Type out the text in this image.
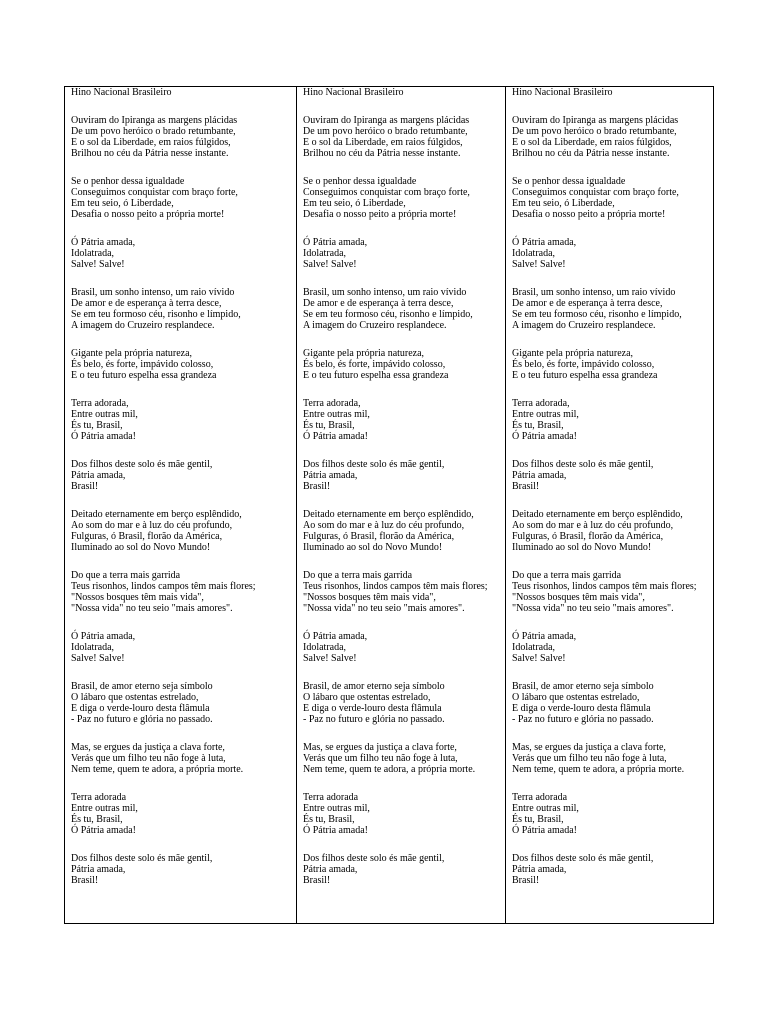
Hino Nacional Brasileiro
Ouviram do Ipiranga as margens plácidas
De um povo heróico o brado retumbante,
E o sol da Liberdade, em raios fúlgidos,
Brilhou no céu da Pátria nesse instante.
Se o penhor dessa igualdade
Conseguimos conquistar com braço forte,
Em teu seio, ó Liberdade,
Desafia o nosso peito a própria morte!
Ó Pátria amada,
Idolatrada,
Salve! Salve!
Brasil, um sonho intenso, um raio vívido
De amor e de esperança à terra desce,
Se em teu formoso céu, risonho e límpido,
A imagem do Cruzeiro resplandece.
Gigante pela própria natureza,
És belo, és forte, impávido colosso,
E o teu futuro espelha essa grandeza
Terra adorada,
Entre outras mil,
És tu, Brasil,
Ó Pátria amada!
Dos filhos deste solo és mãe gentil,
Pátria amada,
Brasil!
Deitado eternamente em berço esplêndido,
Ao som do mar e à luz do céu profundo,
Fulguras, ó Brasil, florão da América,
Iluminado ao sol do Novo Mundo!
Do que a terra mais garrida
Teus risonhos, lindos campos têm mais flores;
"Nossos bosques têm mais vida",
"Nossa vida" no teu seio "mais amores".
Ó Pátria amada,
Idolatrada,
Salve! Salve!
Brasil, de amor eterno seja símbolo
O lábaro que ostentas estrelado,
E diga o verde-louro desta flâmula
- Paz no futuro e glória no passado.
Mas, se ergues da justiça a clava forte,
Verás que um filho teu não foge à luta,
Nem teme, quem te adora, a própria morte.
Terra adorada
Entre outras mil,
És tu, Brasil,
Ó Pátria amada!
Dos filhos deste solo és mãe gentil,
Pátria amada,
Brasil!
Hino Nacional Brasileiro
Ouviram do Ipiranga as margens plácidas
De um povo heróico o brado retumbante,
E o sol da Liberdade, em raios fúlgidos,
Brilhou no céu da Pátria nesse instante.
Se o penhor dessa igualdade
Conseguimos conquistar com braço forte,
Em teu seio, ó Liberdade,
Desafia o nosso peito a própria morte!
Ó Pátria amada,
Idolatrada,
Salve! Salve!
Brasil, um sonho intenso, um raio vívido
De amor e de esperança à terra desce,
Se em teu formoso céu, risonho e límpido,
A imagem do Cruzeiro resplandece.
Gigante pela própria natureza,
És belo, és forte, impávido colosso,
E o teu futuro espelha essa grandeza
Terra adorada,
Entre outras mil,
És tu, Brasil,
Ó Pátria amada!
Dos filhos deste solo és mãe gentil,
Pátria amada,
Brasil!
Deitado eternamente em berço esplêndido,
Ao som do mar e à luz do céu profundo,
Fulguras, ó Brasil, florão da América,
Iluminado ao sol do Novo Mundo!
Do que a terra mais garrida
Teus risonhos, lindos campos têm mais flores;
"Nossos bosques têm mais vida",
"Nossa vida" no teu seio "mais amores".
Ó Pátria amada,
Idolatrada,
Salve! Salve!
Brasil, de amor eterno seja símbolo
O lábaro que ostentas estrelado,
E diga o verde-louro desta flâmula
- Paz no futuro e glória no passado.
Mas, se ergues da justiça a clava forte,
Verás que um filho teu não foge à luta,
Nem teme, quem te adora, a própria morte.
Terra adorada
Entre outras mil,
És tu, Brasil,
Ó Pátria amada!
Dos filhos deste solo és mãe gentil,
Pátria amada,
Brasil!
Hino Nacional Brasileiro
Ouviram do Ipiranga as margens plácidas
De um povo heróico o brado retumbante,
E o sol da Liberdade, em raios fúlgidos,
Brilhou no céu da Pátria nesse instante.
Se o penhor dessa igualdade
Conseguimos conquistar com braço forte,
Em teu seio, ó Liberdade,
Desafia o nosso peito a própria morte!
Ó Pátria amada,
Idolatrada,
Salve! Salve!
Brasil, um sonho intenso, um raio vívido
De amor e de esperança à terra desce,
Se em teu formoso céu, risonho e límpido,
A imagem do Cruzeiro resplandece.
Gigante pela própria natureza,
És belo, és forte, impávido colosso,
E o teu futuro espelha essa grandeza
Terra adorada,
Entre outras mil,
És tu, Brasil,
Ó Pátria amada!
Dos filhos deste solo és mãe gentil,
Pátria amada,
Brasil!
Deitado eternamente em berço esplêndido,
Ao som do mar e à luz do céu profundo,
Fulguras, ó Brasil, florão da América,
Iluminado ao sol do Novo Mundo!
Do que a terra mais garrida
Teus risonhos, lindos campos têm mais flores;
"Nossos bosques têm mais vida",
"Nossa vida" no teu seio "mais amores".
Ó Pátria amada,
Idolatrada,
Salve! Salve!
Brasil, de amor eterno seja símbolo
O lábaro que ostentas estrelado,
E diga o verde-louro desta flâmula
- Paz no futuro e glória no passado.
Mas, se ergues da justiça a clava forte,
Verás que um filho teu não foge à luta,
Nem teme, quem te adora, a própria morte.
Terra adorada
Entre outras mil,
És tu, Brasil,
Ó Pátria amada!
Dos filhos deste solo és mãe gentil,
Pátria amada,
Brasil!
